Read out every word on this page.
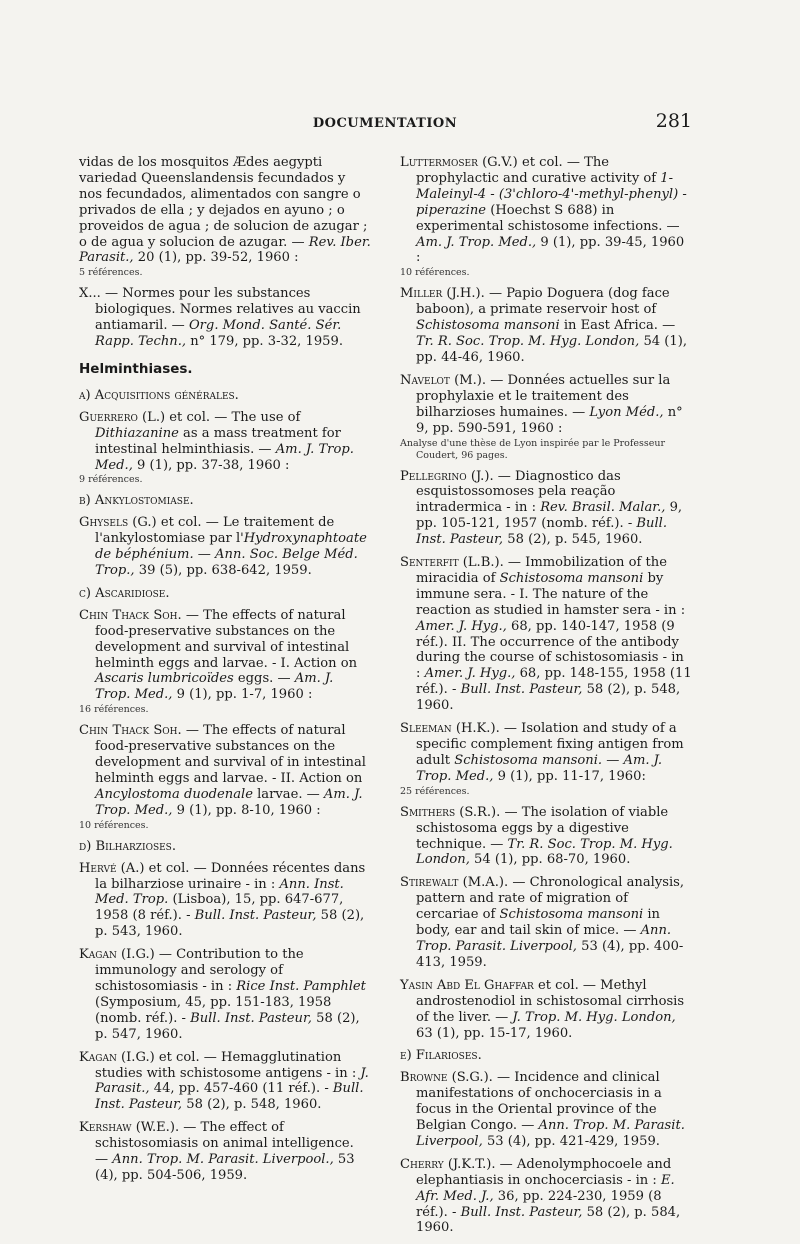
DOCUMENTATION	281

vidas de los mosquitos Ædes aegypti variedad Queenslandensis fecundados y nos fecundados, alimentados con sangre o privados de ella ; y dejados en ayuno ; o proveidos de agua ; de solucion de azugar ; o de agua y solucion de azugar. — Rev. Iber. Parasit., 20 (1), pp. 39-52, 1960 :
5 références.

X... — Normes pour les substances biologiques. Normes relatives au vaccin antiamaril. — Org. Mond. Santé. Sér. Rapp. Techn., n° 179, pp. 3-32, 1959.

Helminthiases.
a) Acquisitions générales.

Guerrero (L.) et col. — The use of Dithiazanine as a mass treatment for intestinal helminthiasis. — Am. J. Trop. Med., 9 (1), pp. 37-38, 1960 :
9 références.

b) Ankylostomiase.

Ghysels (G.) et col. — Le traitement de l'ankylostomiase par l'Hydroxynaphtoate de béphénium. — Ann. Soc. Belge Méd. Trop., 39 (5), pp. 638-642, 1959.

c) Ascaridiose.

Chin Thack Soh. — The effects of natural food-preservative substances on the development and survival of intestinal helminth eggs and larvae. - I. Action on Ascaris lumbricoïdes eggs. — Am. J. Trop. Med., 9 (1), pp. 1-7, 1960 :
16 références.

Chin Thack Soh. — The effects of natural food-preservative substances on the development and survival of in intestinal helminth eggs and larvae. - II. Action on Ancylostoma duodenale larvae. — Am. J. Trop. Med., 9 (1), pp. 8-10, 1960 :
10 références.

d) Bilharzioses.

Hervé (A.) et col. — Données récentes dans la bilharziose urinaire - in : Ann. Inst. Med. Trop. (Lisboa), 15, pp. 647-677, 1958 (8 réf.). - Bull. Inst. Pasteur, 58 (2), p. 543, 1960.

Kagan (I.G.) — Contribution to the immunology and serology of schistosomiasis - in : Rice Inst. Pamphlet (Symposium, 45, pp. 151-183, 1958 (nomb. réf.). - Bull. Inst. Pasteur, 58 (2), p. 547, 1960.

Kagan (I.G.) et col. — Hemagglutination studies with schistosome antigens - in : J. Parasit., 44, pp. 457-460 (11 réf.). - Bull. Inst. Pasteur, 58 (2), p. 548, 1960.

Kershaw (W.E.). — The effect of schistosomiasis on animal intelligence. — Ann. Trop. M. Parasit. Liverpool., 53 (4), pp. 504-506, 1959.

Luttermoser (G.V.) et col. — The prophylactic and curative activity of 1-Maleinyl-4 - (3'chloro-4'-methyl-phenyl) - piperazine (Hoechst S 688) in experimental schistosome infections. — Am. J. Trop. Med., 9 (1), pp. 39-45, 1960 :
10 références.

Miller (J.H.). — Papio Doguera (dog face baboon), a primate reservoir host of Schistosoma mansoni in East Africa. — Tr. R. Soc. Trop. M. Hyg. London, 54 (1), pp. 44-46, 1960.

Navelot (M.). — Données actuelles sur la prophylaxie et le traitement des bilharzioses humaines. — Lyon Méd., n° 9, pp. 590-591, 1960 :
Analyse d'une thèse de Lyon inspirée par le Professeur Coudert, 96 pages.

Pellegrino (J.). — Diagnostico das esquistossomoses pela reação intradermica - in : Rev. Brasil. Malar., 9, pp. 105-121, 1957 (nomb. réf.). - Bull. Inst. Pasteur, 58 (2), p. 545, 1960.

Senterfit (L.B.). — Immobilization of the miracidia of Schistosoma mansoni by immune sera. - I. The nature of the reaction as studied in hamster sera - in : Amer. J. Hyg., 68, pp. 140-147, 1958 (9 réf.). II. The occurrence of the antibody during the course of schistosomiasis - in : Amer. J. Hyg., 68, pp. 148-155, 1958 (11 réf.). - Bull. Inst. Pasteur, 58 (2), p. 548, 1960.

Sleeman (H.K.). — Isolation and study of a specific complement fixing antigen from adult Schistosoma mansoni. — Am. J. Trop. Med., 9 (1), pp. 11-17, 1960:
25 références.

Smithers (S.R.). — The isolation of viable schistosoma eggs by a digestive technique. — Tr. R. Soc. Trop. M. Hyg. London, 54 (1), pp. 68-70, 1960.

Stirewalt (M.A.). — Chronological analysis, pattern and rate of migration of cercariae of Schistosoma mansoni in body, ear and tail skin of mice. — Ann. Trop. Parasit. Liverpool, 53 (4), pp. 400-413, 1959.

Yasin Abd El Ghaffar et col. — Methyl androstenodiol in schistosomal cirrhosis of the liver. — J. Trop. M. Hyg. London, 63 (1), pp. 15-17, 1960.

e) Filarioses.

Browne (S.G.). — Incidence and clinical manifestations of onchocerciasis in a focus in the Oriental province of the Belgian Congo. — Ann. Trop. M. Parasit. Liverpool, 53 (4), pp. 421-429, 1959.

Cherry (J.K.T.). — Adenolymphocoele and elephantiasis in onchocerciasis - in : E. Afr. Med. J., 36, pp. 224-230, 1959 (8 réf.). - Bull. Inst. Pasteur, 58 (2), p. 584, 1960.
